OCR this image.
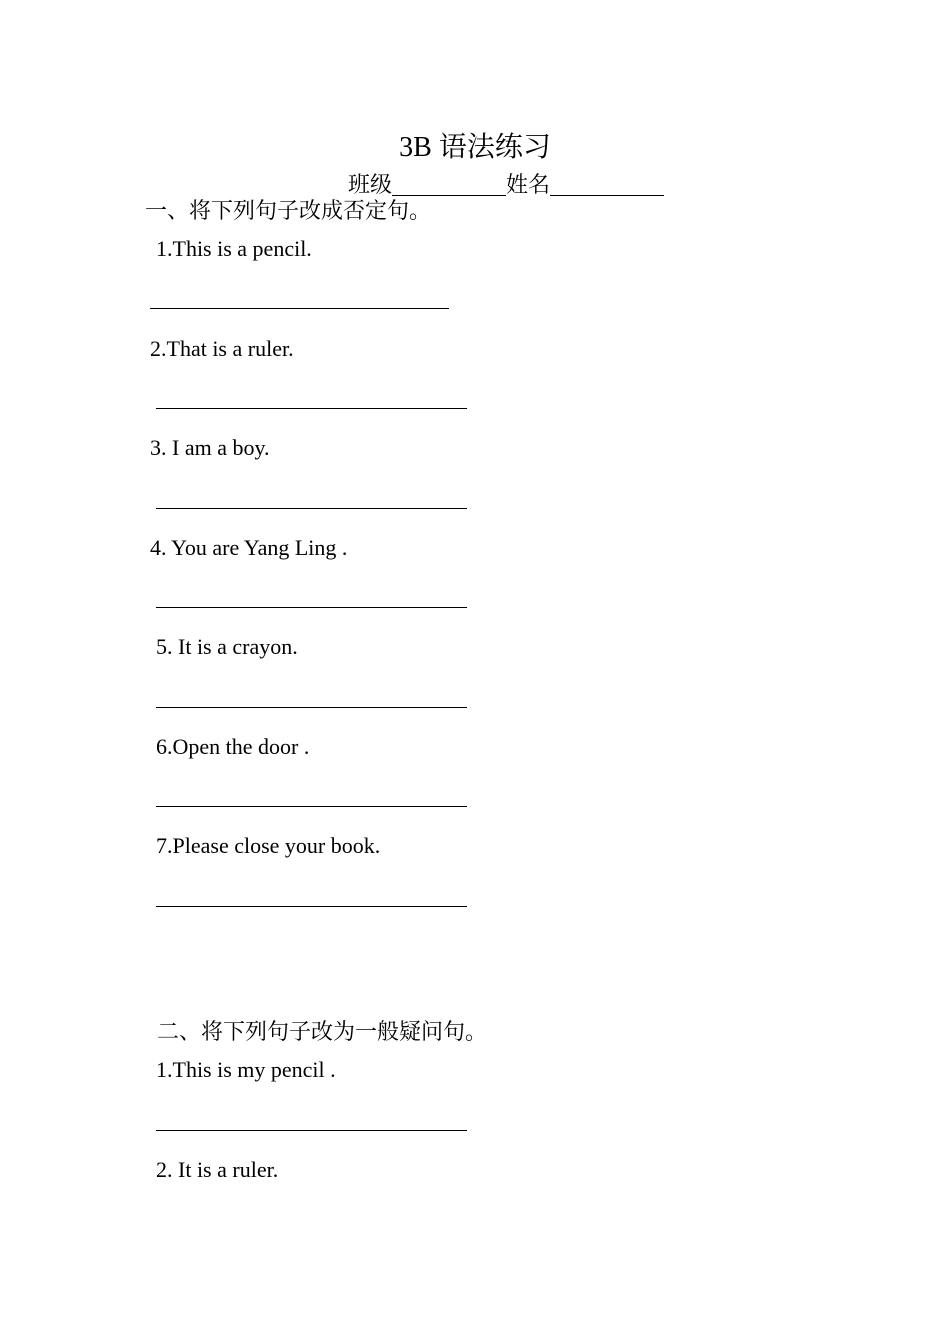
3B 语法练习
班级	姓名
一、将下列句子改成否定句。
1.This is a pencil.
2.That is a ruler.
3. I am a boy.
4. You are Yang Ling .
5. It is a crayon.
6.Open the door .
7.Please close your book.
二、将下列句子改为一般疑问句。
1.This is my pencil .
2. It is a ruler.
